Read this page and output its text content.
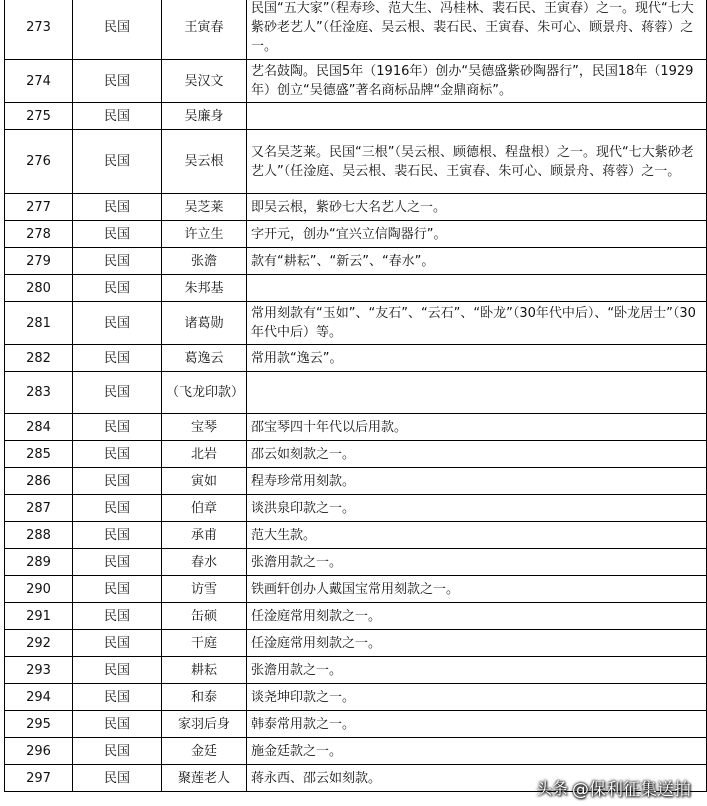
273	民国	王寅春	民国“五大家”（程寿珍、范大生、冯桂林、裴石民、王寅春）之一。现代“七大紫砂老艺人”（任淦庭、吴云根、裴石民、王寅春、朱可心、顾景舟、蒋蓉）之一。
274	民国	吴汉文	艺名鼓陶。民国5年（1916年）创办“吴德盛紫砂陶器行”，民国18年（1929年）创立“吴德盛”著名商标品牌“金鼎商标”。
275	民国	吴廉身	
276	民国	吴云根	又名吴芝莱。民国“三根”（吴云根、顾德根、程盘根）之一。现代“七大紫砂老艺人”（任淦庭、吴云根、裴石民、王寅春、朱可心、顾景舟、蒋蓉）之一。
277	民国	吴芝莱	即吴云根，紫砂七大名艺人之一。
278	民国	许立生	字开元，创办“宜兴立信陶器行”。
279	民国	张澹	款有“耕耘”、“新云”、“春水”。
280	民国	朱邦基	
281	民国	诸葛勋	常用刻款有“玉如”、“友石”、“云石”、“卧龙”（30年代中后）、“卧龙居士”（30年代中后）等。
282	民国	葛逸云	常用款“逸云”。
283	民国	（飞龙印款）	
284	民国	宝琴	邵宝琴四十年代以后用款。
285	民国	北岩	邵云如刻款之一。
286	民国	寅如	程寿珍常用刻款。
287	民国	伯章	谈洪泉印款之一。
288	民国	承甫	范大生款。
289	民国	春水	张澹用款之一。
290	民国	访雪	铁画轩创办人戴国宝常用刻款之一。
291	民国	缶硕	任淦庭常用刻款之一。
292	民国	干庭	任淦庭常用刻款之一。
293	民国	耕耘	张澹用款之一。
294	民国	和泰	谈尧坤印款之一。
295	民国	家羽后身	韩泰常用款之一。
296	民国	金廷	施金廷款之一。
297	民国	聚莲老人	蒋永西、邵云如刻款。
头条 @保利征集送拍
